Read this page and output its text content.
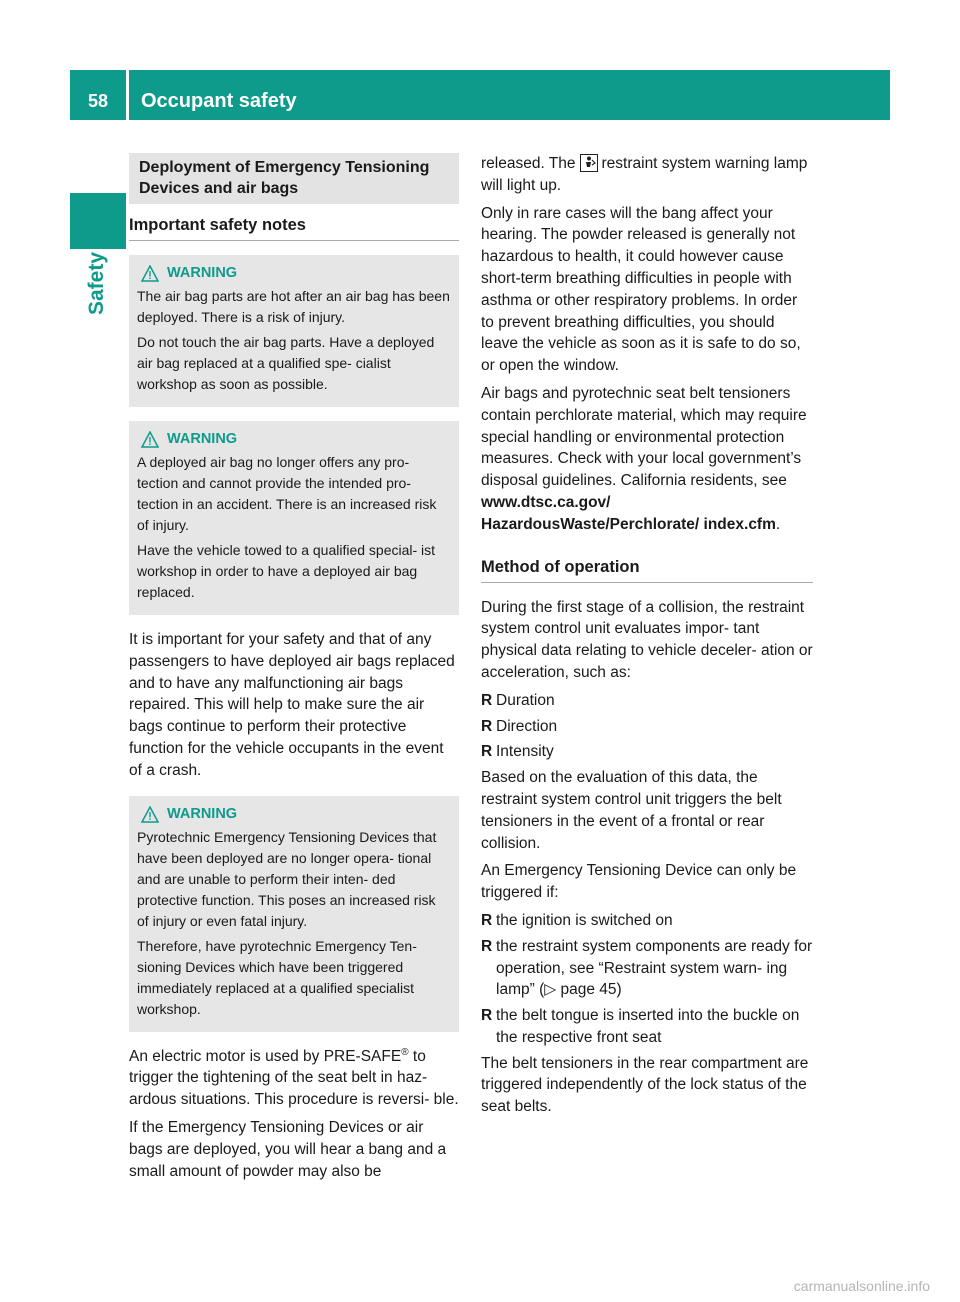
58	Occupant safety
Safety
Deployment of Emergency Tensioning Devices and air bags
Important safety notes
WARNING

The air bag parts are hot after an air bag has been deployed. There is a risk of injury.

Do not touch the air bag parts. Have a deployed air bag replaced at a qualified spe- cialist workshop as soon as possible.

WARNING

A deployed air bag no longer offers any pro- tection and cannot provide the intended pro- tection in an accident. There is an increased risk of injury.

Have the vehicle towed to a qualified special- ist workshop in order to have a deployed air bag replaced.

It is important for your safety and that of any passengers to have deployed air bags replaced and to have any malfunctioning air bags repaired. This will help to make sure the air bags continue to perform their protective function for the vehicle occupants in the event of a crash.

WARNING

Pyrotechnic Emergency Tensioning Devices that have been deployed are no longer opera- tional and are unable to perform their inten- ded protective function. This poses an increased risk of injury or even fatal injury.

Therefore, have pyrotechnic Emergency Ten- sioning Devices which have been triggered immediately replaced at a qualified specialist workshop.

An electric motor is used by PRE-SAFE® to trigger the tightening of the seat belt in haz- ardous situations. This procedure is reversi- ble.

If the Emergency Tensioning Devices or air bags are deployed, you will hear a bang and a small amount of powder may also be

released. The restraint system warning lamp will light up.

Only in rare cases will the bang affect your hearing. The powder released is generally not hazardous to health, it could however cause short-term breathing difficulties in people with asthma or other respiratory problems. In order to prevent breathing difficulties, you should leave the vehicle as soon as it is safe to do so, or open the window.

Air bags and pyrotechnic seat belt tensioners contain perchlorate material, which may require special handling or environmental protection measures. Check with your local government’s disposal guidelines. California residents, see www.dtsc.ca.gov/ HazardousWaste/Perchlorate/ index.cfm.

Method of operation

During the first stage of a collision, the restraint system control unit evaluates impor- tant physical data relating to vehicle deceler- ation or acceleration, such as:

R Duration
R Direction
R Intensity

Based on the evaluation of this data, the restraint system control unit triggers the belt tensioners in the event of a frontal or rear collision.

An Emergency Tensioning Device can only be triggered if:

R the ignition is switched on
R the restraint system components are ready for operation, see “Restraint system warn- ing lamp” (▷ page 45)
R the belt tongue is inserted into the buckle on the respective front seat

The belt tensioners in the rear compartment are triggered independently of the lock status of the seat belts.

carmanualsonline.info
